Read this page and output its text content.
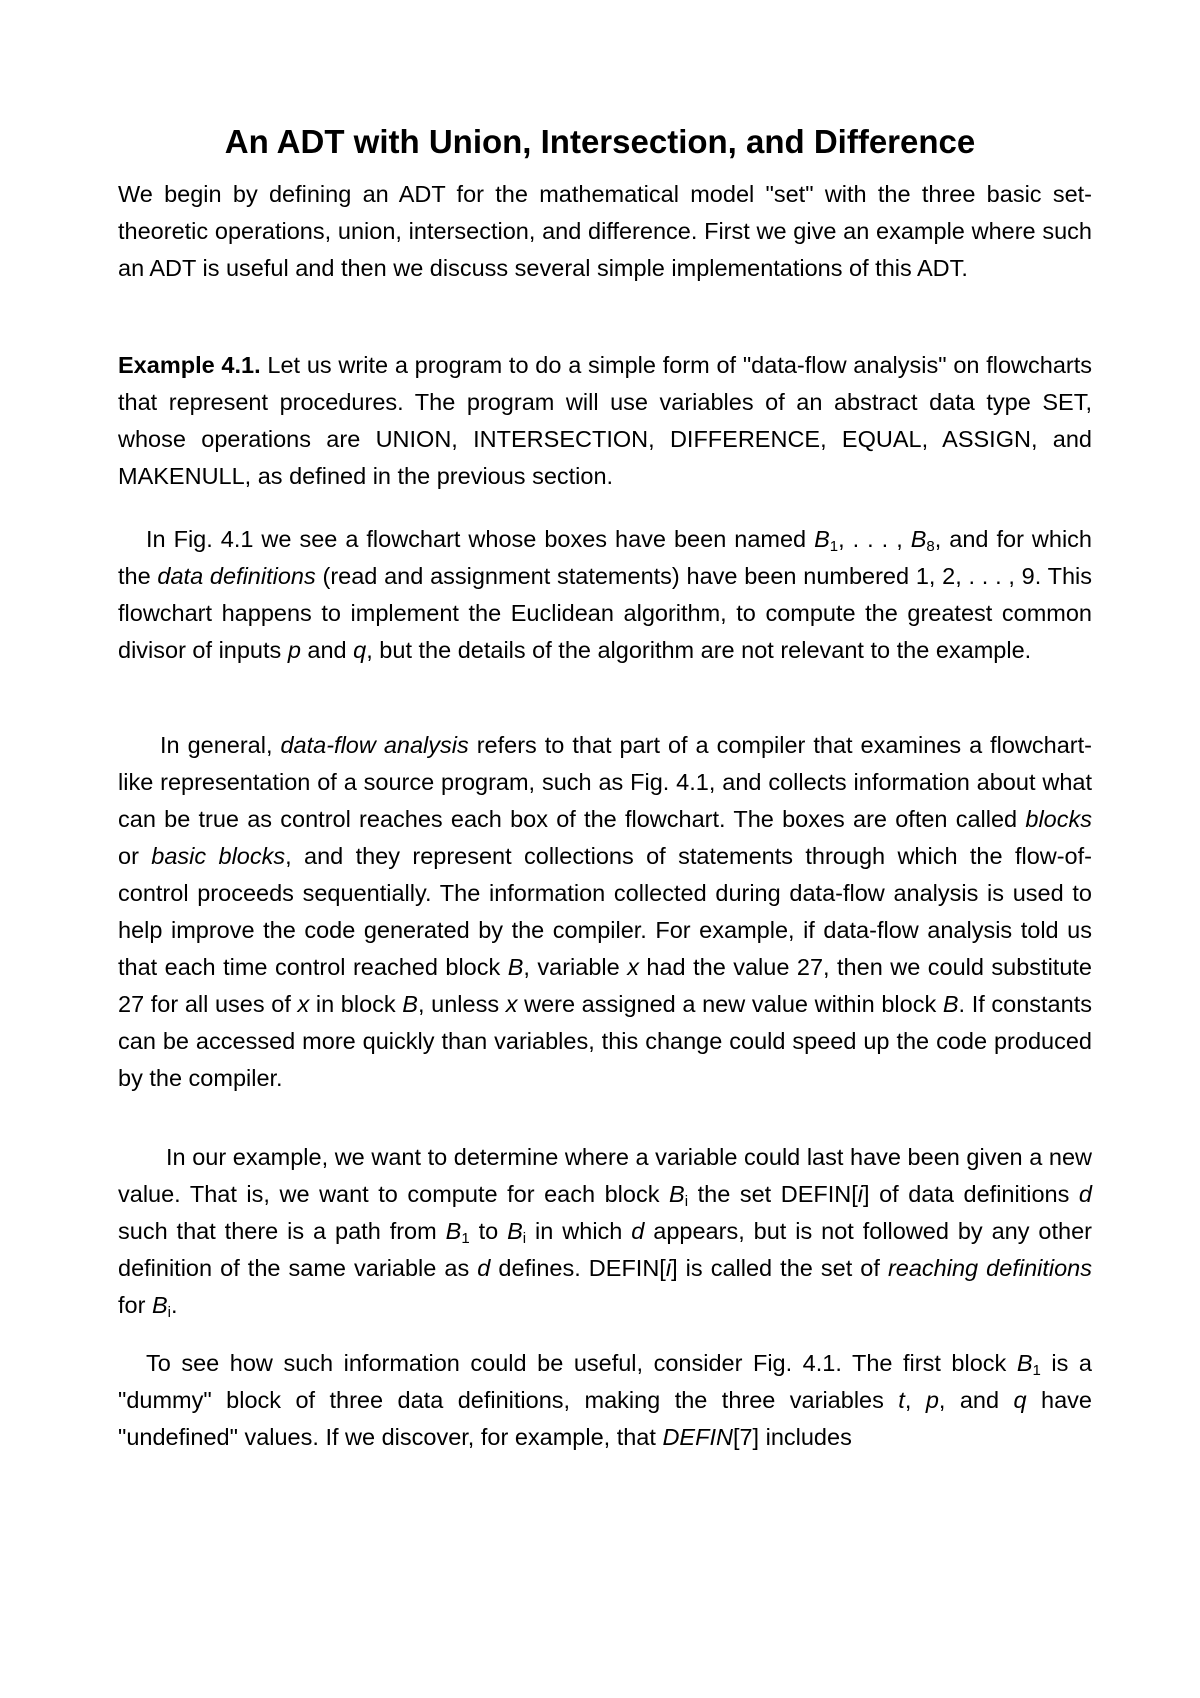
An ADT with Union, Intersection, and Difference

We begin by defining an ADT for the mathematical model "set" with the three basic set-theoretic operations, union, intersection, and difference. First we give an example where such an ADT is useful and then we discuss several simple implementations of this ADT.

Example 4.1. Let us write a program to do a simple form of "data-flow analysis" on flowcharts that represent procedures. The program will use variables of an abstract data type SET, whose operations are UNION, INTERSECTION, DIFFERENCE, EQUAL, ASSIGN, and MAKENULL, as defined in the previous section.

In Fig. 4.1 we see a flowchart whose boxes have been named $B_1$, . . . , $B_8$, and for which the data definitions (read and assignment statements) have been numbered 1, 2, . . . , 9. This flowchart happens to implement the Euclidean algorithm, to compute the greatest common divisor of inputs p and q, but the details of the algorithm are not relevant to the example.

In general, data-flow analysis refers to that part of a compiler that examines a flowchart-like representation of a source program, such as Fig. 4.1, and collects information about what can be true as control reaches each box of the flowchart. The boxes are often called blocks or basic blocks, and they represent collections of statements through which the flow-of-control proceeds sequentially. The information collected during data-flow analysis is used to help improve the code generated by the compiler. For example, if data-flow analysis told us that each time control reached block B, variable x had the value 27, then we could substitute 27 for all uses of x in block B, unless x were assigned a new value within block B. If constants can be accessed more quickly than variables, this change could speed up the code produced by the compiler.

In our example, we want to determine where a variable could last have been given a new value. That is, we want to compute for each block $B_i$ the set DEFIN[i] of data definitions d such that there is a path from $B_1$ to $B_i$ in which d appears, but is not followed by any other definition of the same variable as d defines. DEFIN[i] is called the set of reaching definitions for $B_i$.

To see how such information could be useful, consider Fig. 4.1. The first block $B_1$ is a "dummy" block of three data definitions, making the three variables t, p, and q have "undefined" values. If we discover, for example, that DEFIN[7] includes
